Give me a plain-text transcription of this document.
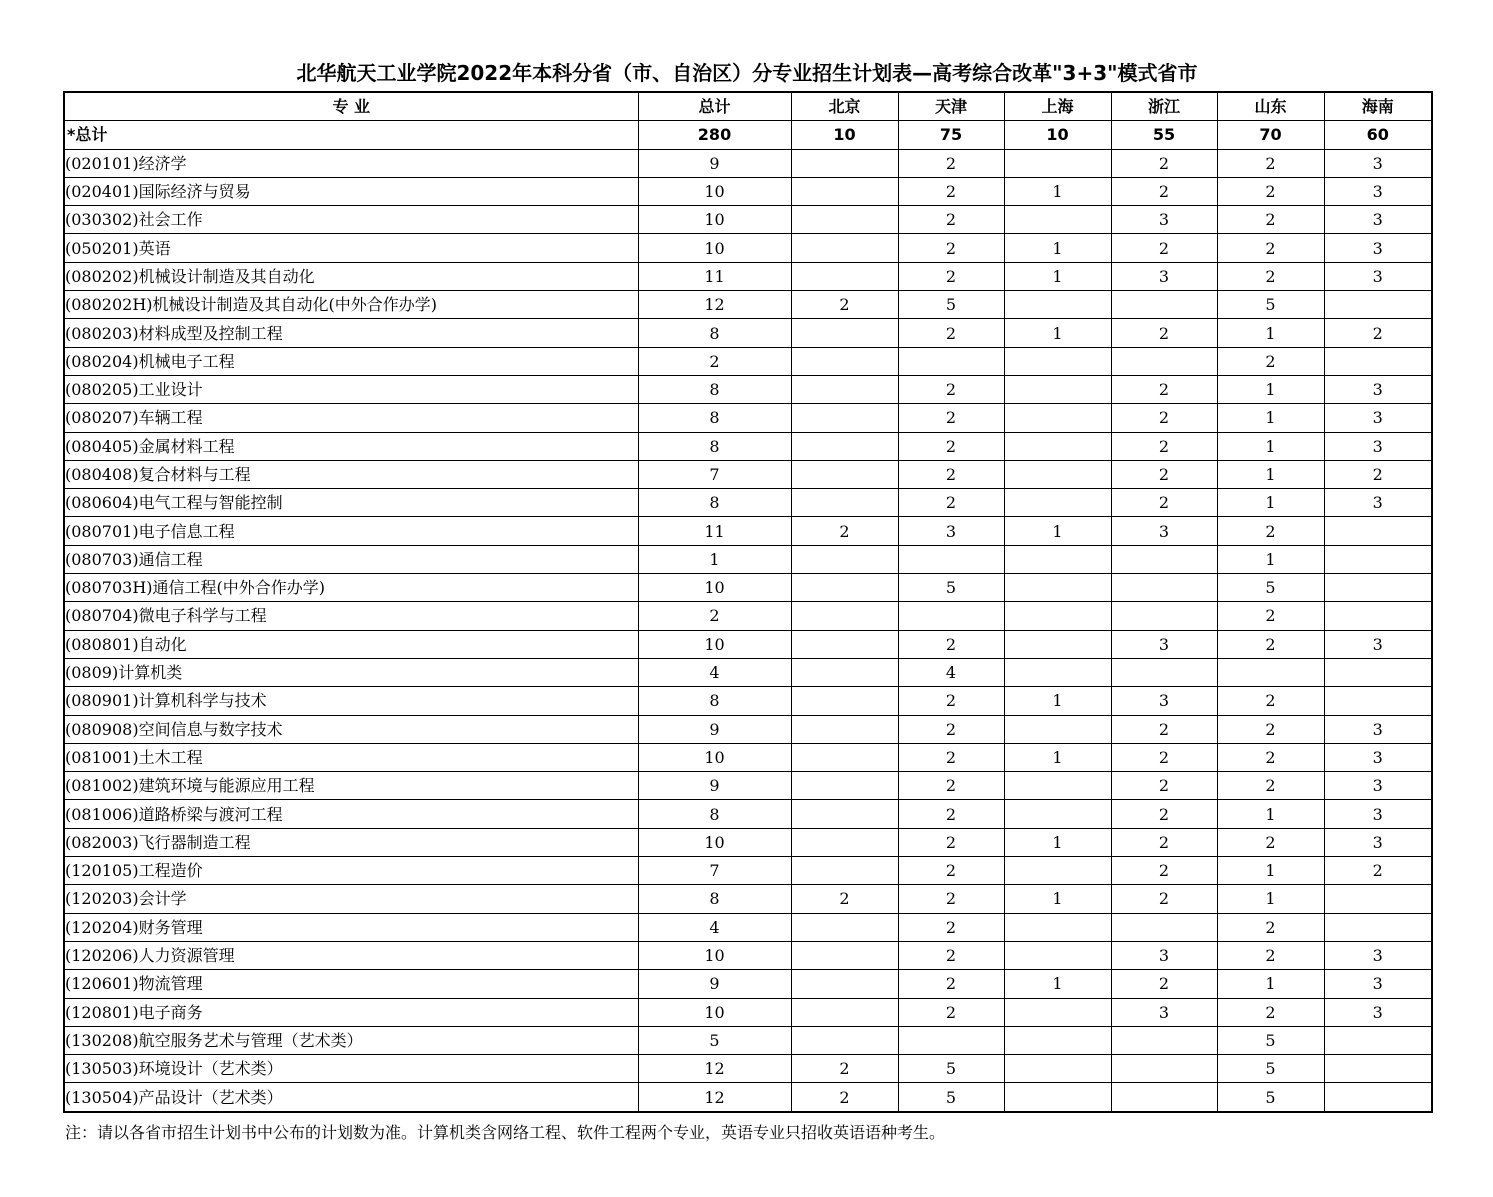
北华航天工业学院2022年本科分省（市、自治区）分专业招生计划表—高考综合改革"3+3"模式省市
专 业	总计	北京	天津	上海	浙江	山东	海南
*总计	280	10	75	10	55	70	60
(020101)经济学	9		2		2	2	3
(020401)国际经济与贸易	10		2	1	2	2	3
(030302)社会工作	10		2		3	2	3
(050201)英语	10		2	1	2	2	3
(080202)机械设计制造及其自动化	11		2	1	3	2	3
(080202H)机械设计制造及其自动化(中外合作办学)	12	2	5			5	
(080203)材料成型及控制工程	8		2	1	2	1	2
(080204)机械电子工程	2					2	
(080205)工业设计	8		2		2	1	3
(080207)车辆工程	8		2		2	1	3
(080405)金属材料工程	8		2		2	1	3
(080408)复合材料与工程	7		2		2	1	2
(080604)电气工程与智能控制	8		2		2	1	3
(080701)电子信息工程	11	2	3	1	3	2	
(080703)通信工程	1					1	
(080703H)通信工程(中外合作办学)	10		5			5	
(080704)微电子科学与工程	2					2	
(080801)自动化	10		2		3	2	3
(0809)计算机类	4		4				
(080901)计算机科学与技术	8		2	1	3	2	
(080908)空间信息与数字技术	9		2		2	2	3
(081001)土木工程	10		2	1	2	2	3
(081002)建筑环境与能源应用工程	9		2		2	2	3
(081006)道路桥梁与渡河工程	8		2		2	1	3
(082003)飞行器制造工程	10		2	1	2	2	3
(120105)工程造价	7		2		2	1	2
(120203)会计学	8	2	2	1	2	1	
(120204)财务管理	4		2			2	
(120206)人力资源管理	10		2		3	2	3
(120601)物流管理	9		2	1	2	1	3
(120801)电子商务	10		2		3	2	3
(130208)航空服务艺术与管理（艺术类）	5					5	
(130503)环境设计（艺术类）	12	2	5			5	
(130504)产品设计（艺术类）	12	2	5			5	
注：请以各省市招生计划书中公布的计划数为准。计算机类含网络工程、软件工程两个专业，英语专业只招收英语语种考生。
